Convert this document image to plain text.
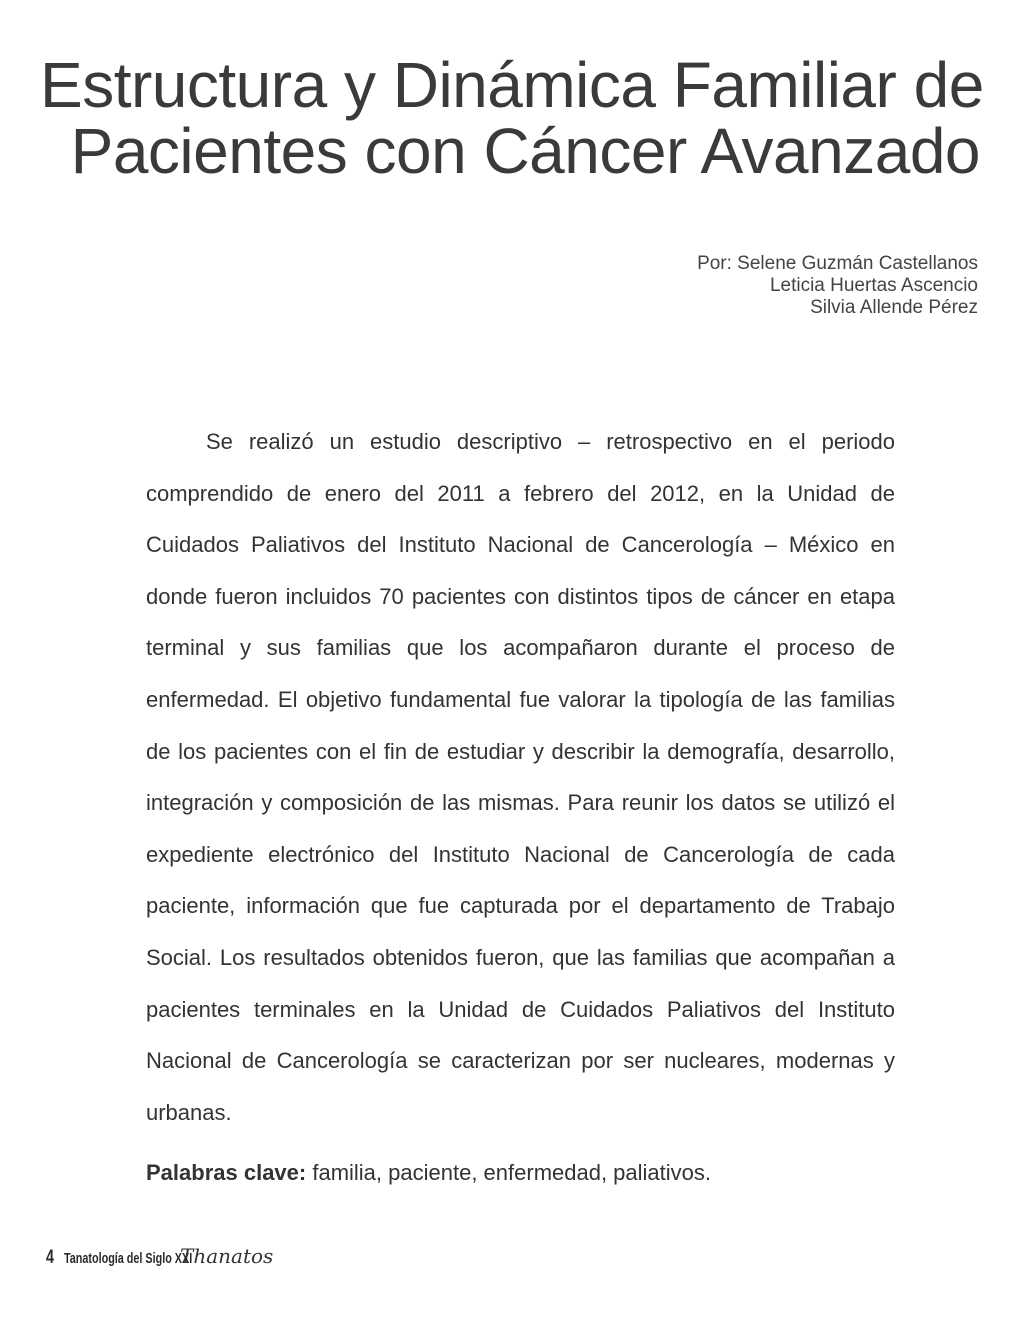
Estructura y Dinámica Familiar de
Pacientes con Cáncer Avanzado
Por: Selene Guzmán Castellanos
Leticia Huertas Ascencio
Silvia Allende Pérez

Se realizó un estudio descriptivo – retrospectivo en el periodo comprendido de enero del 2011 a febrero del 2012, en la Unidad de Cuidados Paliativos del Instituto Nacional de Cancerología – México en donde fueron incluidos 70 pacientes con distintos tipos de cáncer en etapa terminal y sus familias que los acompañaron durante el proceso de enfermedad. El objetivo fundamental fue valorar la tipología de las familias de los pacientes con el fin de estudiar y describir la demografía, desarrollo, integración y composición de las mismas. Para reunir los datos se utilizó el expediente electrónico del Instituto Nacional de Cancerología de cada paciente, información que fue capturada por el departamento de Trabajo Social. Los resultados obtenidos fueron, que las familias que acompañan a pacientes terminales en la Unidad de Cuidados Paliativos del Instituto Nacional de Cancerología se caracterizan por ser nucleares, modernas y urbanas.

Palabras clave: familia, paciente, enfermedad, paliativos.

4 Tanatología del Siglo XXI
Thanatos
